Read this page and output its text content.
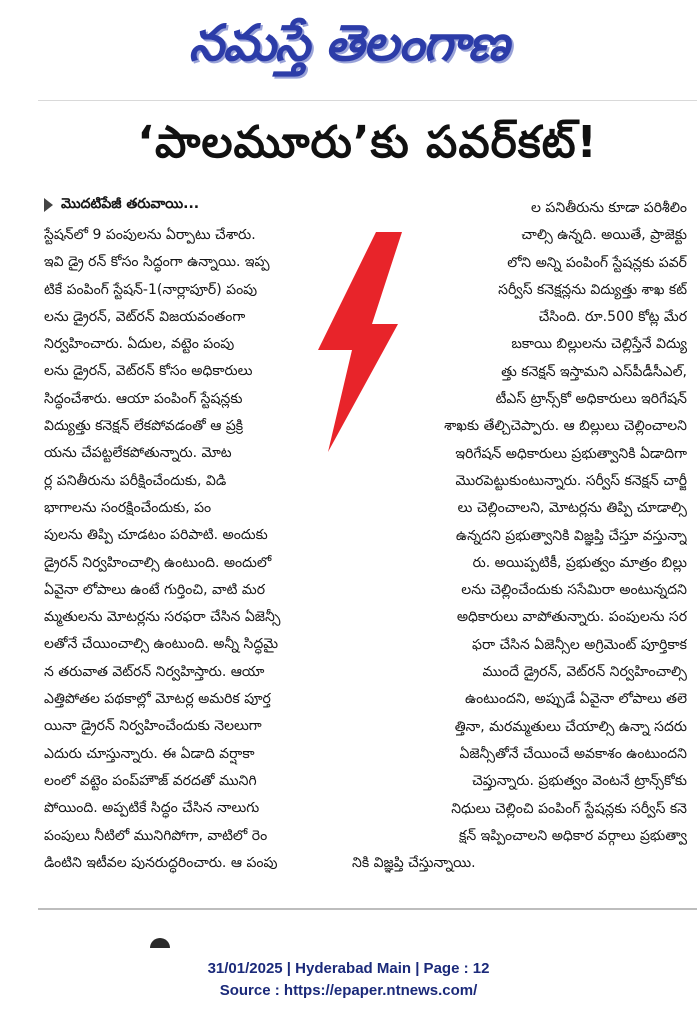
నమస్తే తెలంగాణ
‘పాలమూరు’కు పవర్‌కట్‌!
మొదటిపేజీ తరువాయి...
స్టేషన్‌లో 9 పంపులను ఏర్పాటు చేశారు.
ఇవి డ్రై రన్‌ కోసం సిద్ధంగా ఉన్నాయి. ఇప్ప
టికే పంపింగ్‌ స్టేషన్‌-1(నార్లాపూర్‌) పంపు
లను డ్రైరన్‌, వెట్‌రన్‌ విజయవంతంగా
నిర్వహించారు. ఏదుల, వట్టెం పంపు
లను డ్రైరన్‌, వెట్‌రన్‌ కోసం అధికారులు
సిద్ధంచేశారు. ఆయా పంపింగ్‌ స్టేషన్లకు
విద్యుత్తు కనెక్షన్‌ లేకపోవడంతో ఆ ప్రక్రి
యను చేపట్టలేకపోతున్నారు. మోట
ర్ల పనితీరును పరీక్షించేందుకు, విడి
భాగాలను సంరక్షించేందుకు, పం
పులను తిప్పి చూడటం పరిపాటి. అందుకు
డ్రైరన్‌ నిర్వహించాల్సి ఉంటుంది. అందులో
ఏవైనా లోపాలు ఉంటే గుర్తించి, వాటి మర
మ్మతులను మోటర్లను సరఫరా చేసిన ఏజెన్సీ
లతోనే చేయించాల్సి ఉంటుంది. అన్నీ సిద్ధమై
న తరువాత వెట్‌రన్‌ నిర్వహిస్తారు. ఆయా
ఎత్తిపోతల పథకాల్లో మోటర్ల అమరిక పూర్త
యినా డ్రైరన్‌ నిర్వహించేందుకు నెలలుగా
ఎదురు చూస్తున్నారు. ఈ ఏడాది వర్షాకా
లంలో వట్టెం పంప్‌హౌజ్‌ వరదతో మునిగి
పోయింది. అప్పటికే సిద్ధం చేసిన నాలుగు
పంపులు నీటిలో మునిగిపోగా, వాటిలో రెం
డింటిని ఇటీవల పునరుద్ధరించారు. ఆ పంపు
ల పనితీరును కూడా పరిశీలిం
చాల్సి ఉన్నది. అయితే, ప్రాజెక్టు
లోని అన్ని పంపింగ్‌ స్టేషన్లకు పవర్‌
సర్వీస్‌ కనెక్షన్లను విద్యుత్తు శాఖ కట్‌
చేసింది. రూ.500 కోట్ల మేర
బకాయి బిల్లులను చెల్లిస్తేనే విద్యు
త్తు కనెక్షన్‌ ఇస్తామని ఎస్‌పీడీసీఎల్‌,
టీఎస్‌ ట్రాన్స్‌కో అధికారులు ఇరిగేషన్‌
శాఖకు తేల్చిచెప్పారు. ఆ బిల్లులు చెల్లించాలని
ఇరిగేషన్‌ అధికారులు ప్రభుత్వానికి ఏడాదిగా
మొరపెట్టుకుంటున్నారు. సర్వీస్‌ కనెక్షన్‌ చార్జీ
లు చెల్లించాలని, మోటర్లను తిప్పి చూడాల్సి
ఉన్నదని ప్రభుత్వానికి విజ్ఞప్తి చేస్తూ వస్తున్నా
రు. అయిప్పటికీ, ప్రభుత్వం మాత్రం బిల్లు
లను చెల్లించేందుకు ససేమిరా అంటున్నదని
అధికారులు వాపోతున్నారు. పంపులను సర
ఫరా చేసిన ఏజెన్సీల అగ్రిమెంట్‌ పూర్తికాక
ముందే డ్రైరన్‌, వెట్‌రన్‌ నిర్వహించాల్సి
ఉంటుందని, అప్పుడే ఏవైనా లోపాలు తలె
త్తినా, మరమ్మతులు చేయాల్సి ఉన్నా సదరు
ఏజెన్సీతోనే చేయించే అవకాశం ఉంటుందని
చెప్తున్నారు. ప్రభుత్వం వెంటనే ట్రాన్స్‌కోకు
నిధులు చెల్లించి పంపింగ్‌ స్టేషన్లకు సర్వీస్‌ కనె
క్షన్‌ ఇప్పించాలని అధికార వర్గాలు ప్రభుత్వా
నికి విజ్ఞప్తి చేస్తున్నాయి.
31/01/2025 | Hyderabad Main | Page : 12
Source : https://epaper.ntnews.com/
